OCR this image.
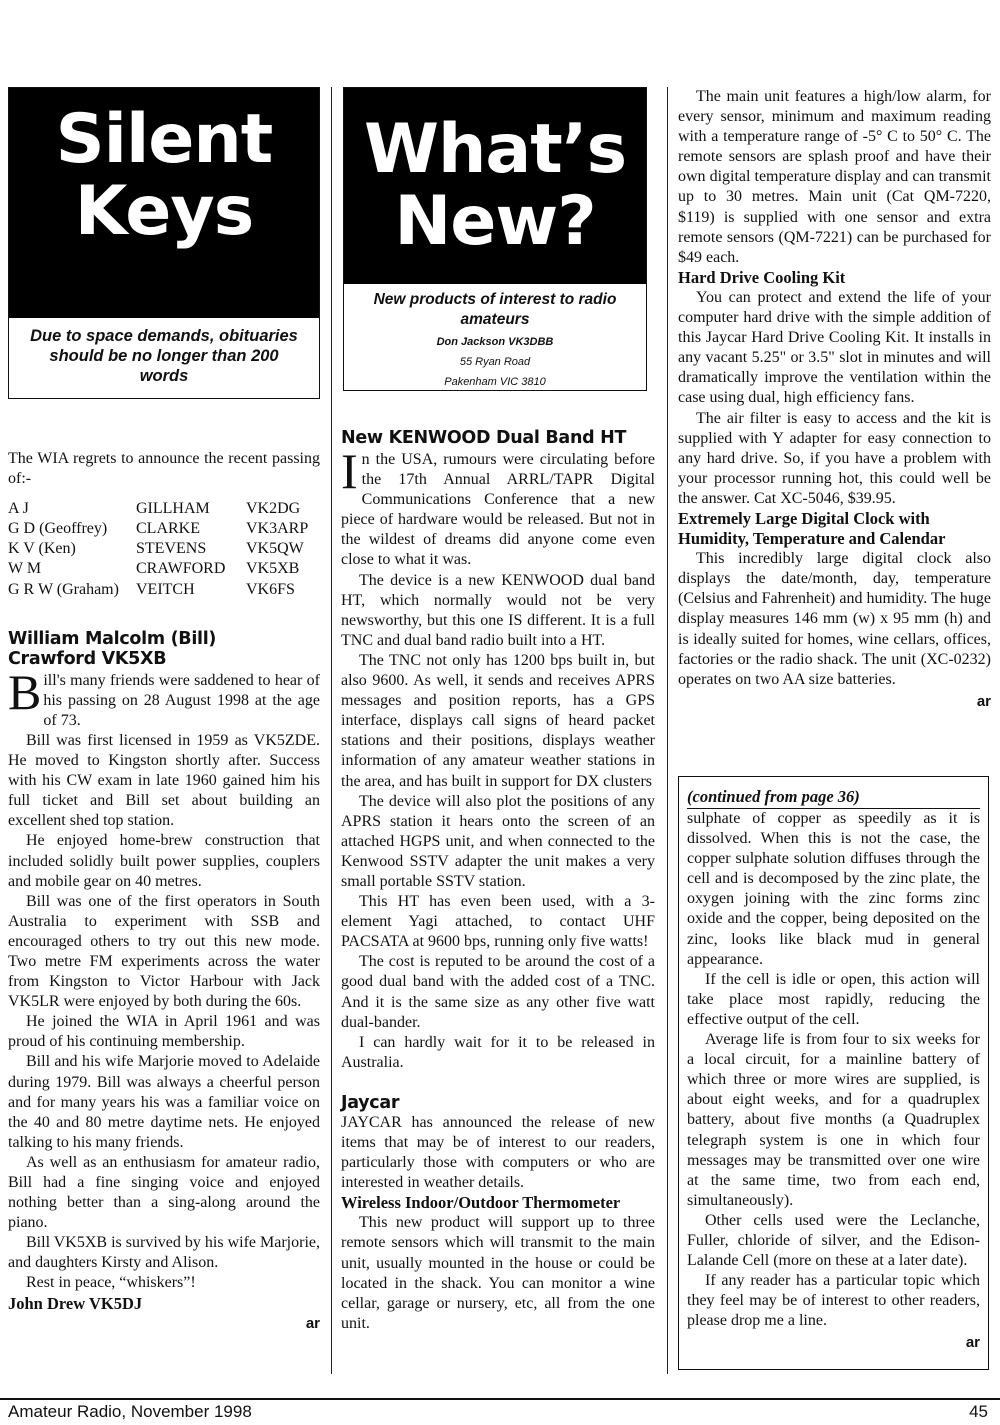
Silent
Keys
Due to space demands, obituaries should be no longer than 200 words

The WIA regrets to announce the recent passing of:-

A J	GILLHAM	VK2DG
G D (Geoffrey)	CLARKE	VK3ARP
K V (Ken)	STEVENS	VK5QW
W M	CRAWFORD	VK5XB
G R W (Graham)	VEITCH	VK6FS
William Malcolm (Bill) Crawford VK5XB
B ill's many friends were saddened to hear of his passing on 28 August 1998 at the age of 73.

Bill was first licensed in 1959 as VK5ZDE. He moved to Kingston shortly after. Success with his CW exam in late 1960 gained him his full ticket and Bill set about building an excellent shed top station.

He enjoyed home-brew construction that included solidly built power supplies, couplers and mobile gear on 40 metres.

Bill was one of the first operators in South Australia to experiment with SSB and encouraged others to try out this new mode. Two metre FM experiments across the water from Kingston to Victor Harbour with Jack VK5LR were enjoyed by both during the 60s.

He joined the WIA in April 1961 and was proud of his continuing membership.

Bill and his wife Marjorie moved to Adelaide during 1979. Bill was always a cheerful person and for many years his was a familiar voice on the 40 and 80 metre daytime nets. He enjoyed talking to his many friends.

As well as an enthusiasm for amateur radio, Bill had a fine singing voice and enjoyed nothing better than a sing-along around the piano.

Bill VK5XB is survived by his wife Marjorie, and daughters Kirsty and Alison.

Rest in peace, “whiskers”!

John Drew VK5DJ
ar
What’s
New?
New products of interest to radio amateurs
Don Jackson VK3DBB
55 Ryan Road
Pakenham VIC 3810
New KENWOOD Dual Band HT
I n the USA, rumours were circulating before the 17th Annual ARRL/TAPR Digital Communications Conference that a new piece of hardware would be released. But not in the wildest of dreams did anyone come even close to what it was.

The device is a new KENWOOD dual band HT, which normally would not be very newsworthy, but this one IS different. It is a full TNC and dual band radio built into a HT.

The TNC not only has 1200 bps built in, but also 9600. As well, it sends and receives APRS messages and position reports, has a GPS interface, displays call signs of heard packet stations and their positions, displays weather information of any amateur weather stations in the area, and has built in support for DX clusters

The device will also plot the positions of any APRS station it hears onto the screen of an attached HGPS unit, and when connected to the Kenwood SSTV adapter the unit makes a very small portable SSTV station.

This HT has even been used, with a 3-element Yagi attached, to contact UHF PACSATA at 9600 bps, running only five watts!

The cost is reputed to be around the cost of a good dual band with the added cost of a TNC. And it is the same size as any other five watt dual-bander.

I can hardly wait for it to be released in Australia.

Jaycar

JAYCAR has announced the release of new items that may be of interest to our readers, particularly those with computers or who are interested in weather details.

Wireless Indoor/Outdoor Thermometer

This new product will support up to three remote sensors which will transmit to the main unit, usually mounted in the house or could be located in the shack. You can monitor a wine cellar, garage or nursery, etc, all from the one unit.

The main unit features a high/low alarm, for every sensor, minimum and maximum reading with a temperature range of -5° C to 50° C. The remote sensors are splash proof and have their own digital temperature display and can transmit up to 30 metres. Main unit (Cat QM-7220, $119) is supplied with one sensor and extra remote sensors (QM-7221) can be purchased for $49 each.

Hard Drive Cooling Kit

You can protect and extend the life of your computer hard drive with the simple addition of this Jaycar Hard Drive Cooling Kit. It installs in any vacant 5.25" or 3.5" slot in minutes and will dramatically improve the ventilation within the case using dual, high efficiency fans.

The air filter is easy to access and the kit is supplied with Y adapter for easy connection to any hard drive. So, if you have a problem with your processor running hot, this could well be the answer. Cat XC-5046, $39.95.

Extremely Large Digital Clock with Humidity, Temperature and Calendar

This incredibly large digital clock also displays the date/month, day, temperature (Celsius and Fahrenheit) and humidity. The huge display measures 146 mm (w) x 95 mm (h) and is ideally suited for homes, wine cellars, offices, factories or the radio shack. The unit (XC-0232) operates on two AA size batteries.

ar
(continued from page 36)

sulphate of copper as speedily as it is dissolved. When this is not the case, the copper sulphate solution diffuses through the cell and is decomposed by the zinc plate, the oxygen joining with the zinc forms zinc oxide and the copper, being deposited on the zinc, looks like black mud in general appearance.

If the cell is idle or open, this action will take place most rapidly, reducing the effective output of the cell.

Average life is from four to six weeks for a local circuit, for a mainline battery of which three or more wires are supplied, is about eight weeks, and for a quadruplex battery, about five months (a Quadruplex telegraph system is one in which four messages may be transmitted over one wire at the same time, two from each end, simultaneously).

Other cells used were the Leclanche, Fuller, chloride of silver, and the Edison-Lalande Cell (more on these at a later date).

If any reader has a particular topic which they feel may be of interest to other readers, please drop me a line.

ar
Amateur Radio, November 1998	45
